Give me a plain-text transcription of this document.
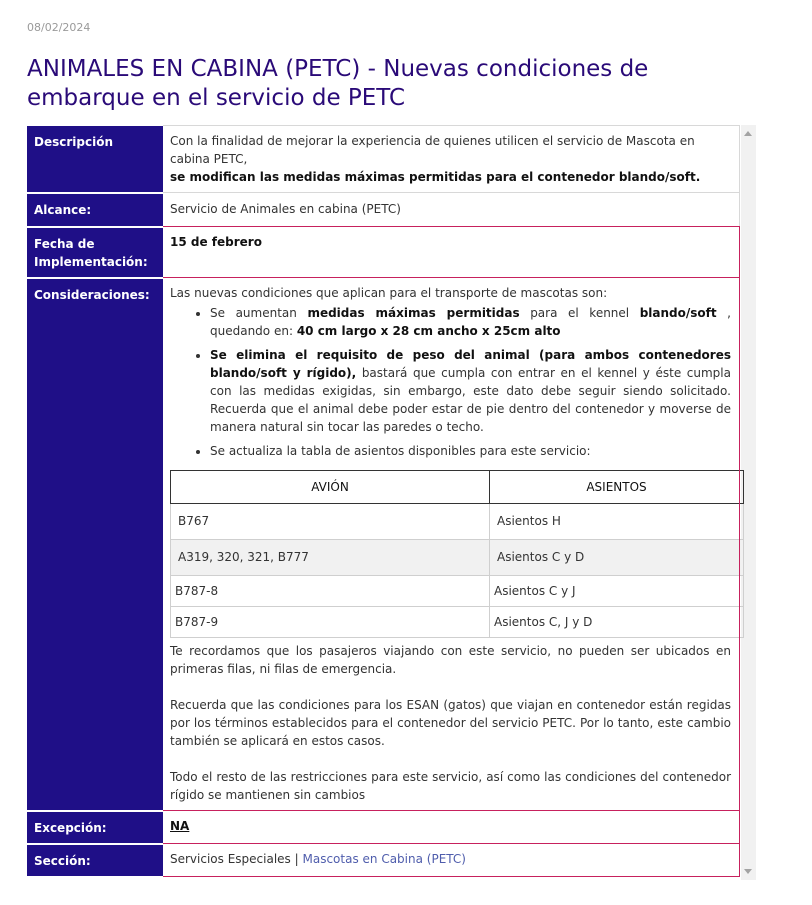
08/02/2024
ANIMALES EN CABINA (PETC) - Nuevas condiciones de embarque en el servicio de PETC
Descripción	Con la finalidad de mejorar la experiencia de quienes utilicen el servicio de Mascota en cabina PETC,
se modifican las medidas máximas permitidas para el contenedor blando/soft.
Alcance:	Servicio de Animales en cabina (PETC)
Fecha de Implementación:	15 de febrero
Consideraciones:	Las nuevas condiciones que aplican para el transporte de mascotas son:
• Se aumentan medidas máximas permitidas para el kennel blando/soft , quedando en: 40 cm largo x 28 cm ancho x 25cm alto
• Se elimina el requisito de peso del animal (para ambos contenedores blando/soft y rígido), bastará que cumpla con entrar en el kennel y éste cumpla con las medidas exigidas, sin embargo, este dato debe seguir siendo solicitado. Recuerda que el animal debe poder estar de pie dentro del contenedor y moverse de manera natural sin tocar las paredes o techo.
• Se actualiza la tabla de asientos disponibles para este servicio:
AVIÓN	ASIENTOS
B767	Asientos H
A319, 320, 321, B777	Asientos C y D
B787-8	Asientos C y J
B787-9	Asientos C, J y D

Te recordamos que los pasajeros viajando con este servicio, no pueden ser ubicados en primeras filas, ni filas de emergencia.

Recuerda que las condiciones para los ESAN (gatos) que viajan en contenedor están regidas por los términos establecidos para el contenedor del servicio PETC. Por lo tanto, este cambio también se aplicará en estos casos.

Todo el resto de las restricciones para este servicio, así como las condiciones del contenedor rígido se mantienen sin cambios

Excepción:	NA
Sección:	Servicios Especiales | Mascotas en Cabina (PETC)
